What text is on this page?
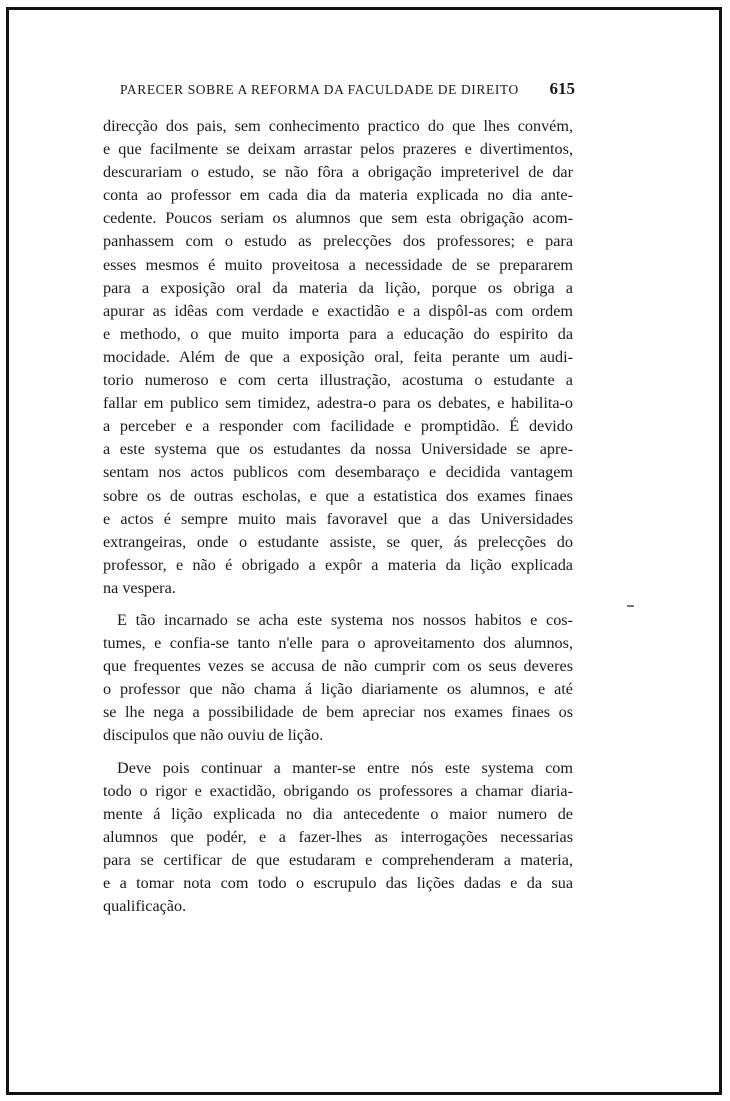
PARECER SOBRE A REFORMA DA FACULDADE DE DIREITO 615

direcção dos pais, sem conhecimento practico do que lhes convém,

e que facilmente se deixam arrastar pelos prazeres e divertimentos,

descurariam o estudo, se não fôra a obrigação impreterivel de dar

conta ao professor em cada dia da materia explicada no dia ante-

cedente. Poucos seriam os alumnos que sem esta obrigação acom-

panhassem com o estudo as prelecções dos professores; e para

esses mesmos é muito proveitosa a necessidade de se prepararem

para a exposição oral da materia da lição, porque os obriga a

apurar as idêas com verdade e exactidão e a dispôl-as com ordem

e methodo, o que muito importa para a educação do espirito da

mocidade. Além de que a exposição oral, feita perante um audi-

torio numeroso e com certa illustração, acostuma o estudante a

fallar em publico sem timidez, adestra-o para os debates, e habilita-o

a perceber e a responder com facilidade e promptidão. É devido

a este systema que os estudantes da nossa Universidade se apre-

sentam nos actos publicos com desembaraço e decidida vantagem

sobre os de outras escholas, e que a estatistica dos exames finaes

e actos é sempre muito mais favoravel que a das Universidades

extrangeiras, onde o estudante assiste, se quer, ás prelecções do

professor, e não é obrigado a expôr a materia da lição explicada

na vespera.

E tão incarnado se acha este systema nos nossos habitos e cos-

tumes, e confia-se tanto n'elle para o aproveitamento dos alumnos,

que frequentes vezes se accusa de não cumprir com os seus deveres

o professor que não chama á lição diariamente os alumnos, e até

se lhe nega a possibilidade de bem apreciar nos exames finaes os

discipulos que não ouviu de lição.

Deve pois continuar a manter-se entre nós este systema com

todo o rigor e exactidão, obrigando os professores a chamar diaria-

mente á lição explicada no dia antecedente o maior numero de

alumnos que podér, e a fazer-lhes as interrogações necessarias

para se certificar de que estudaram e comprehenderam a materia,

e a tomar nota com todo o escrupulo das lições dadas e da sua

qualificação.
